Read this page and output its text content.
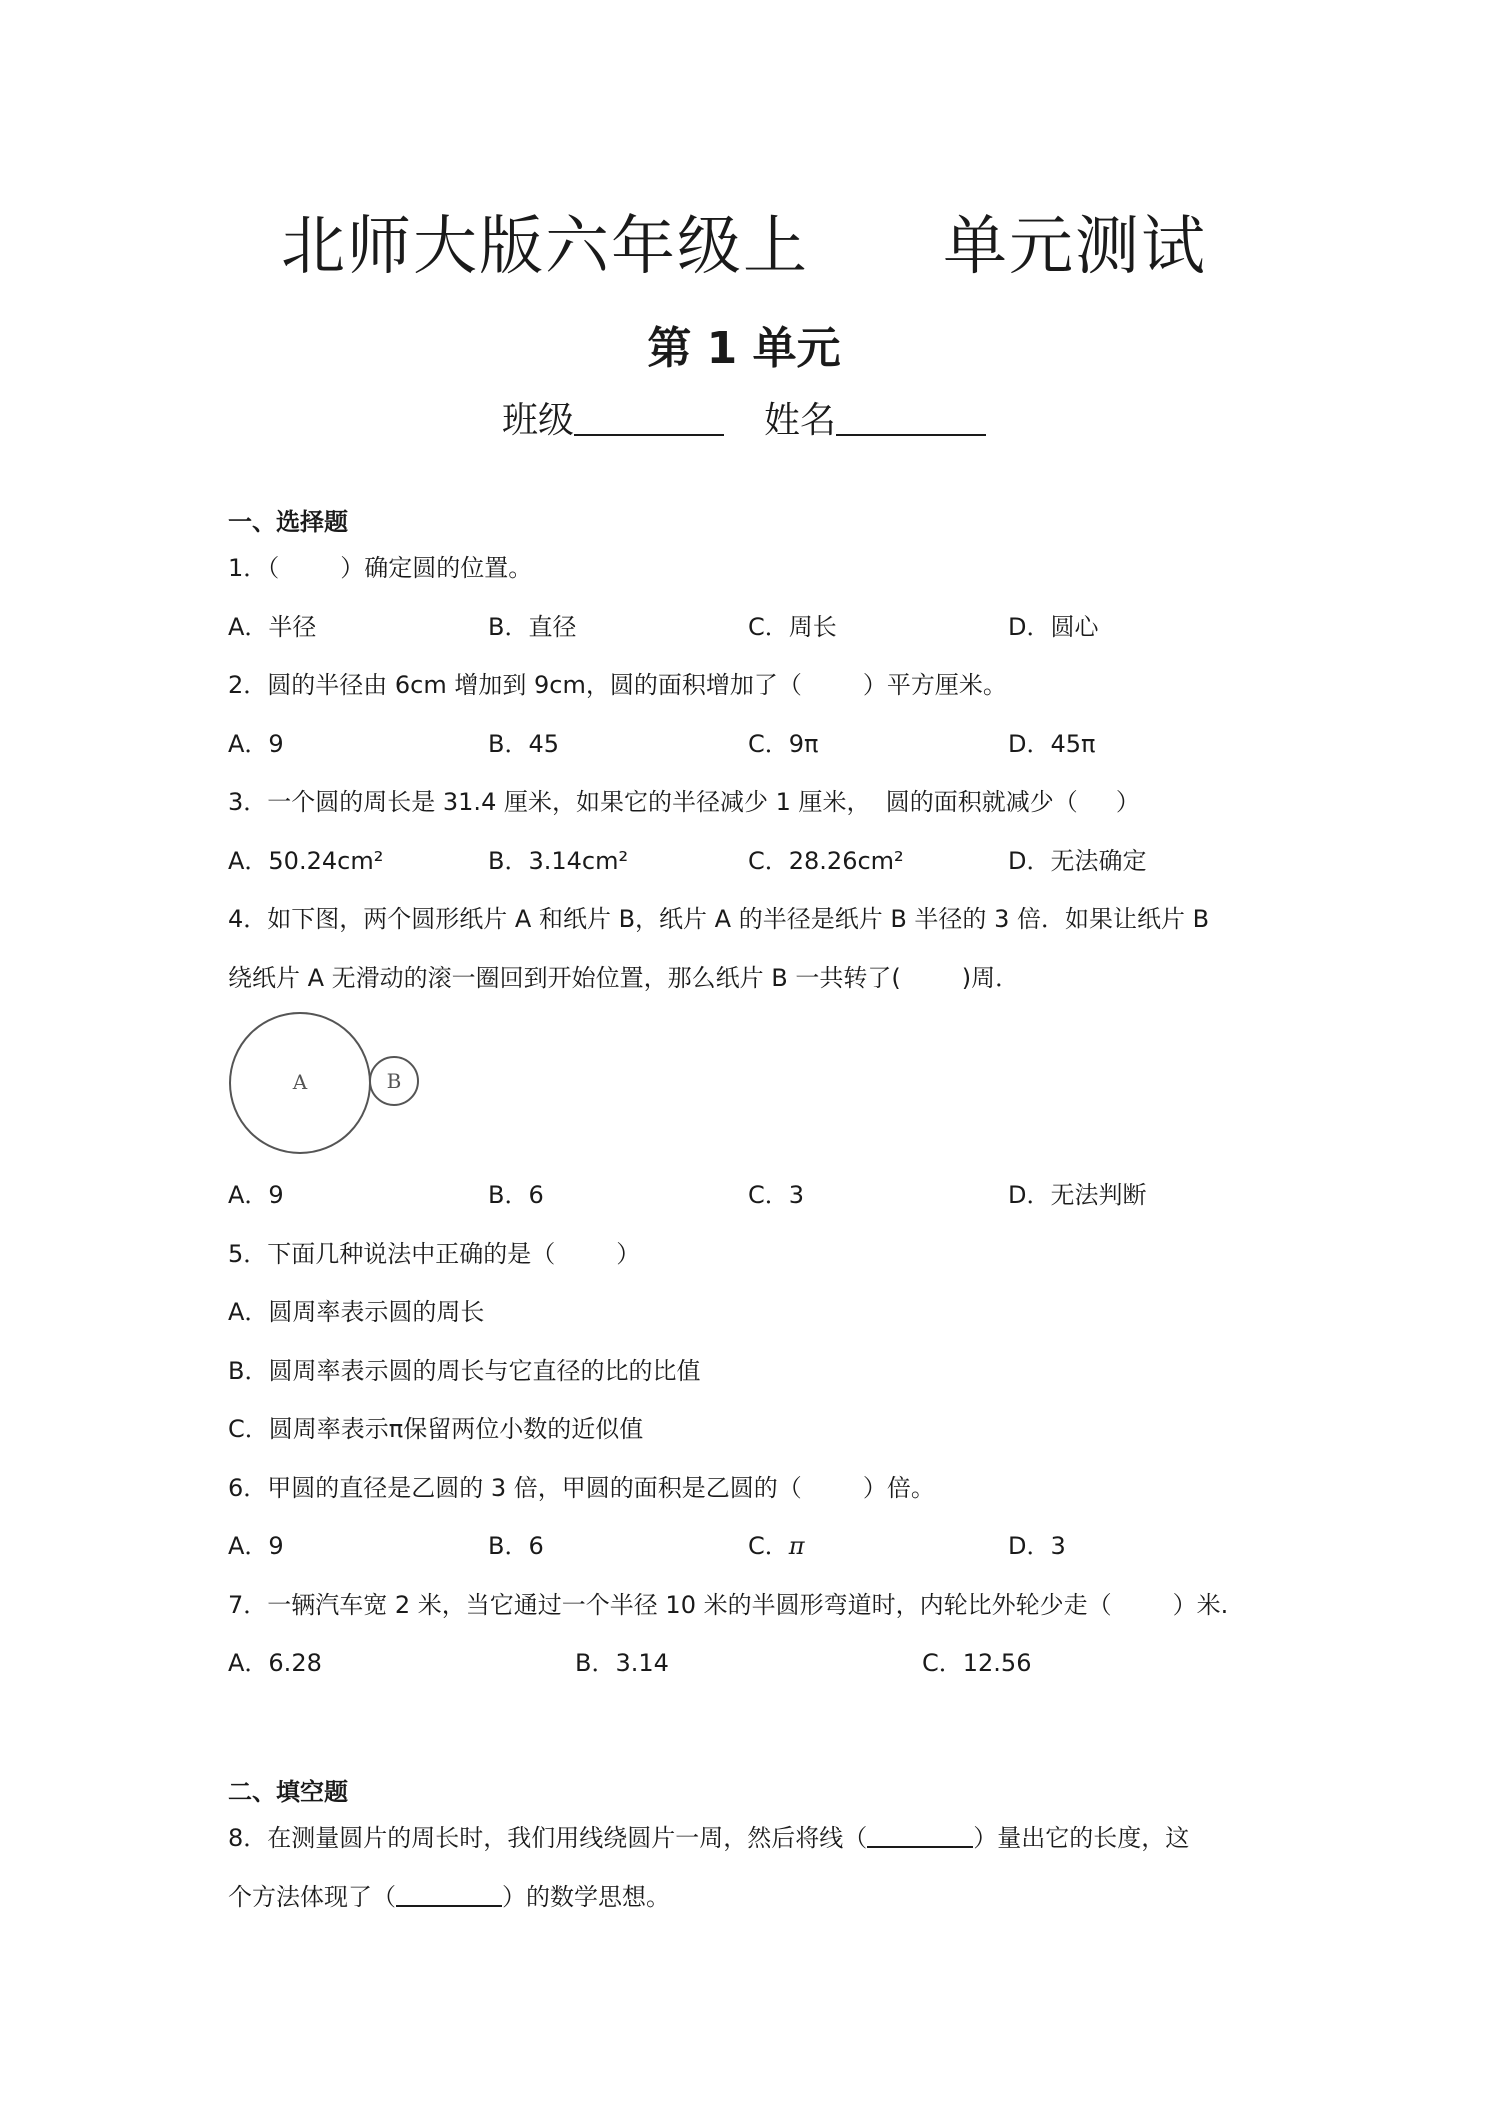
北师大版六年级上      单元测试
第 1 单元
班级	姓名
一、选择题
1．（        ）确定圆的位置。
A．半径	B．直径	C．周长	D．圆心
2．圆的半径由 6cm 增加到 9cm，圆的面积增加了（        ）平方厘米。
A．9	B．45	C．9π	D．45π
3．一个圆的周长是 31.4 厘米，如果它的半径减少 1 厘米，  圆的面积就减少（     ）
A．50.24cm²	B．3.14cm²	C．28.26cm²	D．无法确定
4．如下图，两个圆形纸片 A 和纸片 B，纸片 A 的半径是纸片 B 半径的 3 倍．如果让纸片 B
绕纸片 A 无滑动的滚一圈回到开始位置，那么纸片 B 一共转了(        )周．
A	B
A．9	B．6	C．3	D．无法判断
5．下面几种说法中正确的是（        ）
A．圆周率表示圆的周长
B．圆周率表示圆的周长与它直径的比的比值
C．圆周率表示π保留两位小数的近似值
6．甲圆的直径是乙圆的 3 倍，甲圆的面积是乙圆的（        ）倍。
A．9	B．6	C．π	D．3
7．一辆汽车宽 2 米，当它通过一个半径 10 米的半圆形弯道时，内轮比外轮少走（        ）米.
A．6.28	B．3.14	C．12.56
二、填空题
8．在测量圆片的周长时，我们用线绕圆片一周，然后将线（	）量出它的长度，这
个方法体现了（	）的数学思想。
